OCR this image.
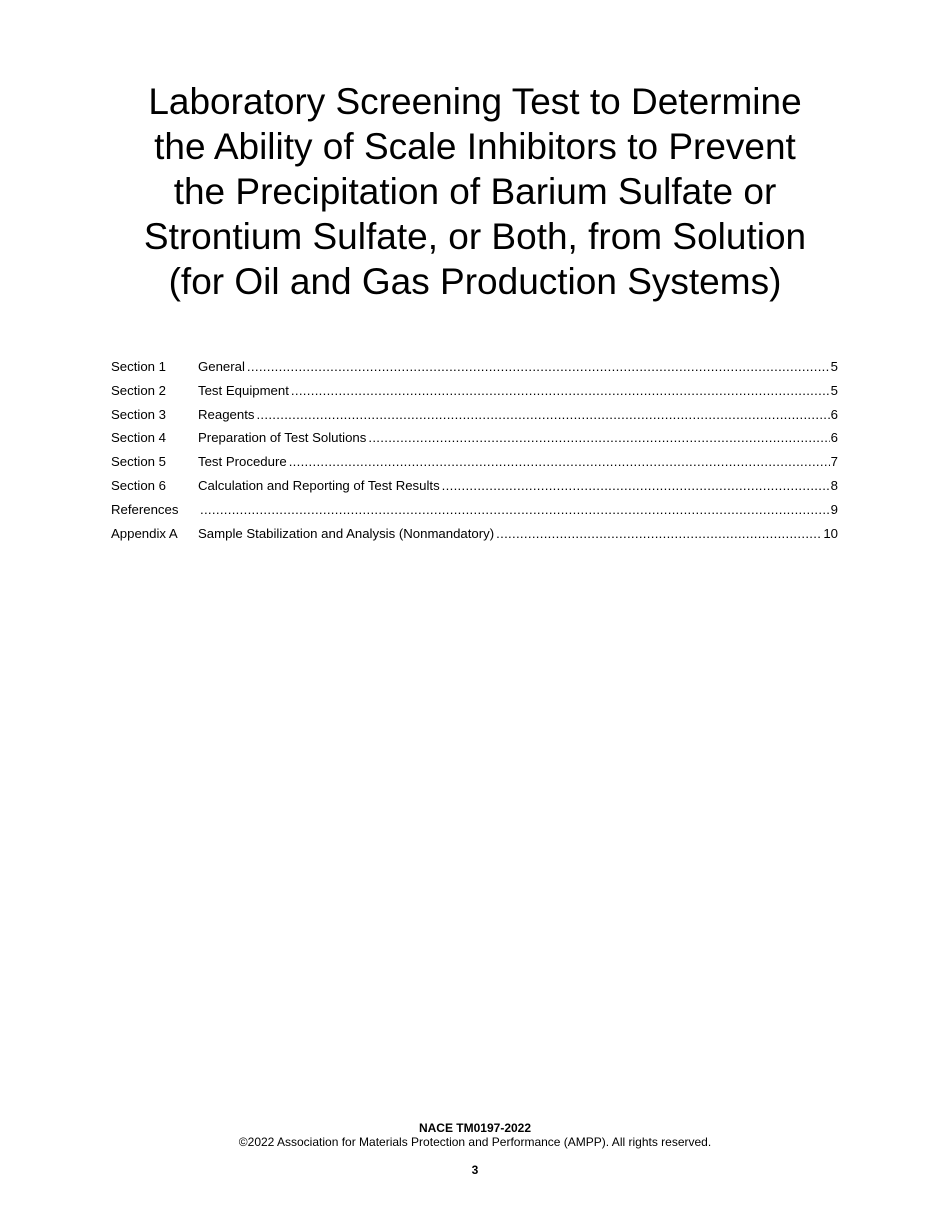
Laboratory Screening Test to Determine
the Ability of Scale Inhibitors to Prevent
the Precipitation of Barium Sulfate or
Strontium Sulfate, or Both, from Solution
(for Oil and Gas Production Systems)
Section 1	General .....	5
Section 2	Test Equipment .....	5
Section 3	Reagents .....	6
Section 4	Preparation of Test Solutions .....	6
Section 5	Test Procedure .....	7
Section 6	Calculation and Reporting of Test Results .....	8
References .....	9
Appendix A	Sample Stabilization and Analysis (Nonmandatory) .....	10
NACE TM0197-2022
©2022 Association for Materials Protection and Performance (AMPP). All rights reserved.
3
